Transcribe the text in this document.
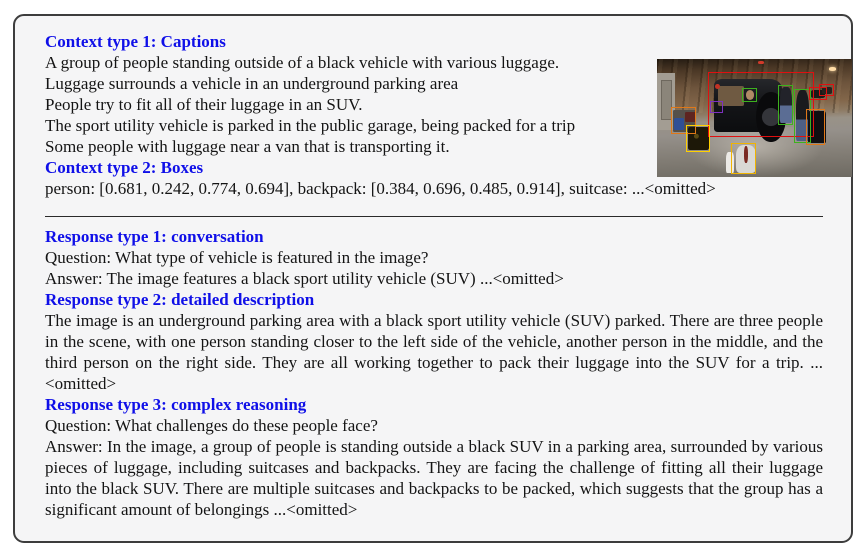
Context type 1: Captions
A group of people standing outside of a black vehicle with various luggage.
Luggage surrounds a vehicle in an underground parking area
People try to fit all of their luggage in an SUV.
The sport utility vehicle is parked in the public garage, being packed for a trip
Some people with luggage near a van that is transporting it.
Context type 2: Boxes
person: [0.681, 0.242, 0.774, 0.694], backpack: [0.384, 0.696, 0.485, 0.914], suitcase: ...<omitted>
Response type 1: conversation
Question: What type of vehicle is featured in the image?
Answer: The image features a black sport utility vehicle (SUV) ...<omitted>
Response type 2: detailed description
The image is an underground parking area with a black sport utility vehicle (SUV) parked. There are three people in the scene, with one person standing closer to the left side of the vehicle, another person in the middle, and the third person on the right side. They are all working together to pack their luggage into the SUV for a trip. ...<omitted>
Response type 3: complex reasoning
Question: What challenges do these people face?
Answer: In the image, a group of people is standing outside a black SUV in a parking area, surrounded by various pieces of luggage, including suitcases and backpacks. They are facing the challenge of fitting all their luggage into the black SUV. There are multiple suitcases and backpacks to be packed, which suggests that the group has a significant amount of belongings ...<omitted>
